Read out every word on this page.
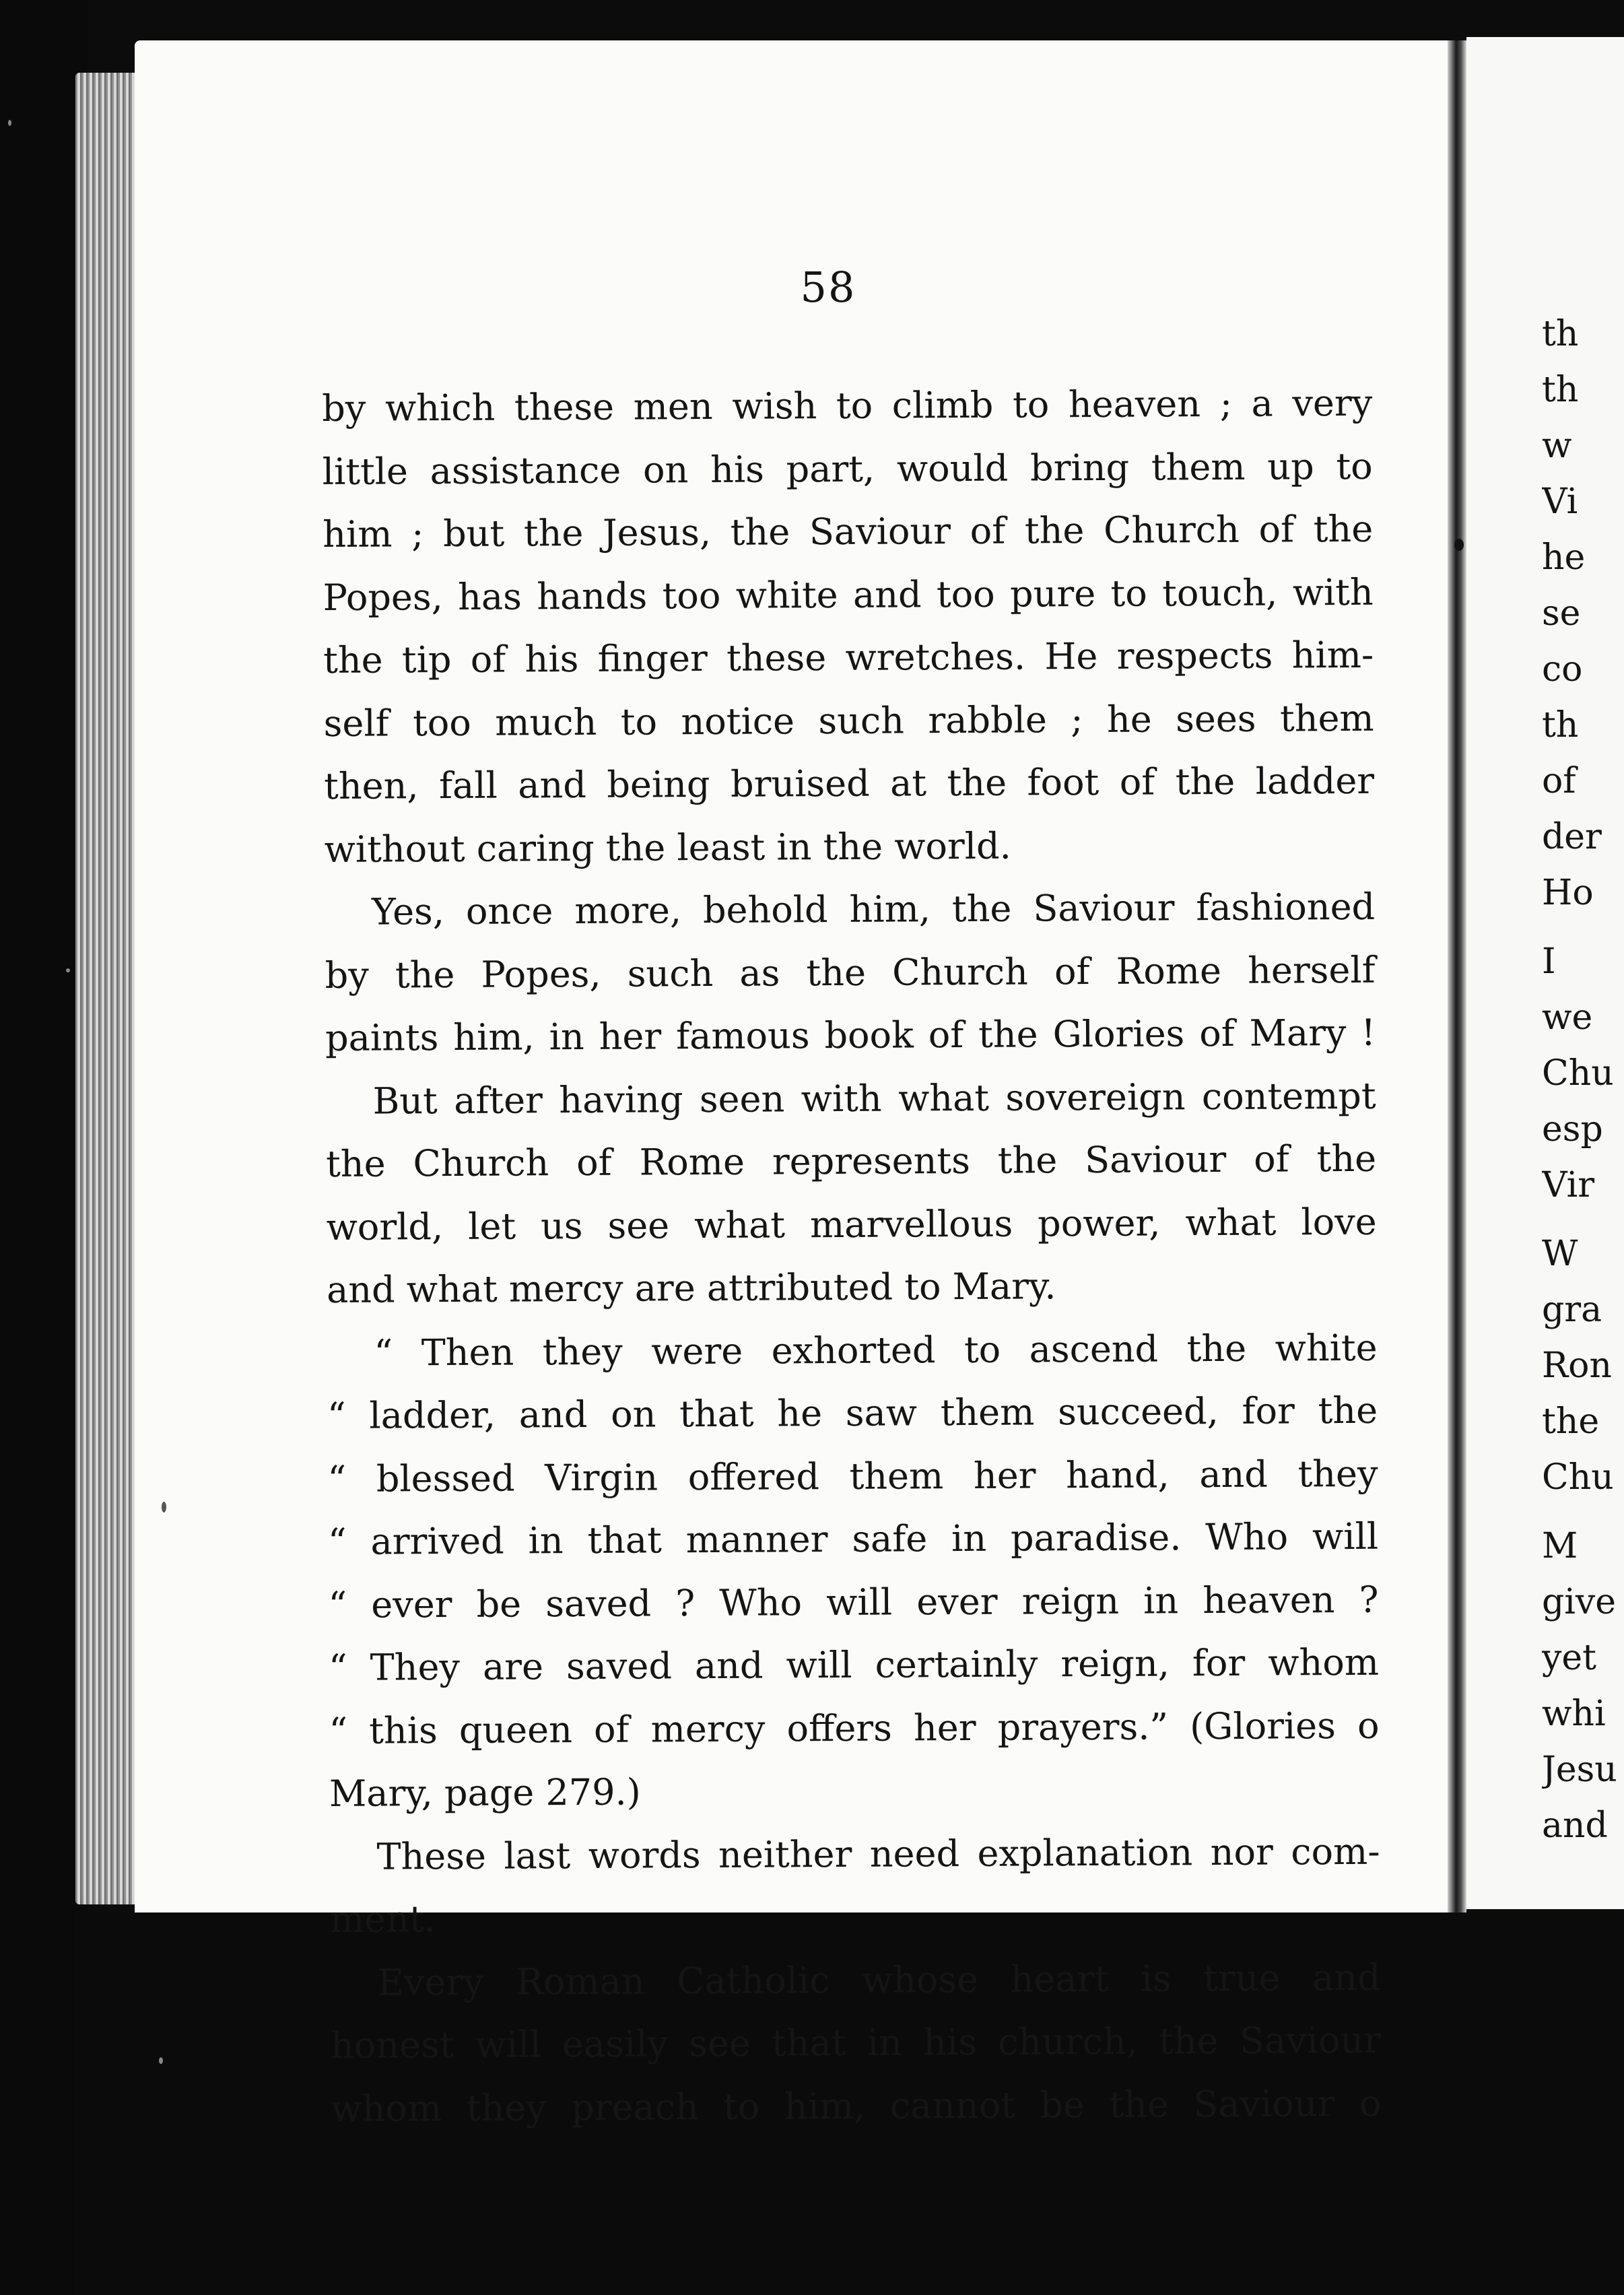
58
by which these men wish to climb to heaven ; a very
little assistance on his part, would bring them up to
him ; but the Jesus, the Saviour of the Church of the
Popes, has hands too white and too pure to touch, with
the tip of his finger these wretches. He respects him-
self too much to notice such rabble ; he sees them
then, fall and being bruised at the foot of the ladder
without caring the least in the world.
Yes, once more, behold him, the Saviour fashioned
by the Popes, such as the Church of Rome herself
paints him, in her famous book of the Glories of Mary !
But after having seen with what sovereign contempt
the Church of Rome represents the Saviour of the
world, let us see what marvellous power, what love
and what mercy are attributed to Mary.
“ Then they were exhorted to ascend the white
“ ladder, and on that he saw them succeed, for the
“ blessed Virgin offered them her hand, and they
“ arrived in that manner safe in paradise. Who will
“ ever be saved ? Who will ever reign in heaven ?
“ They are saved and will certainly reign, for whom
“ this queen of mercy offers her prayers.” (Glories o
Mary, page 279.)
These last words neither need explanation nor com-
ment.
Every Roman Catholic whose heart is true and
honest will easily see that in his church, the Saviour
whom they preach to him, cannot be the Saviour o
th
th
w
Vi
he
se
co
th
of
der
Ho
I
we
Chu
esp
Vir
W
gra
Ron
the
Chu
M
give
yet
whi
Jesu
and
